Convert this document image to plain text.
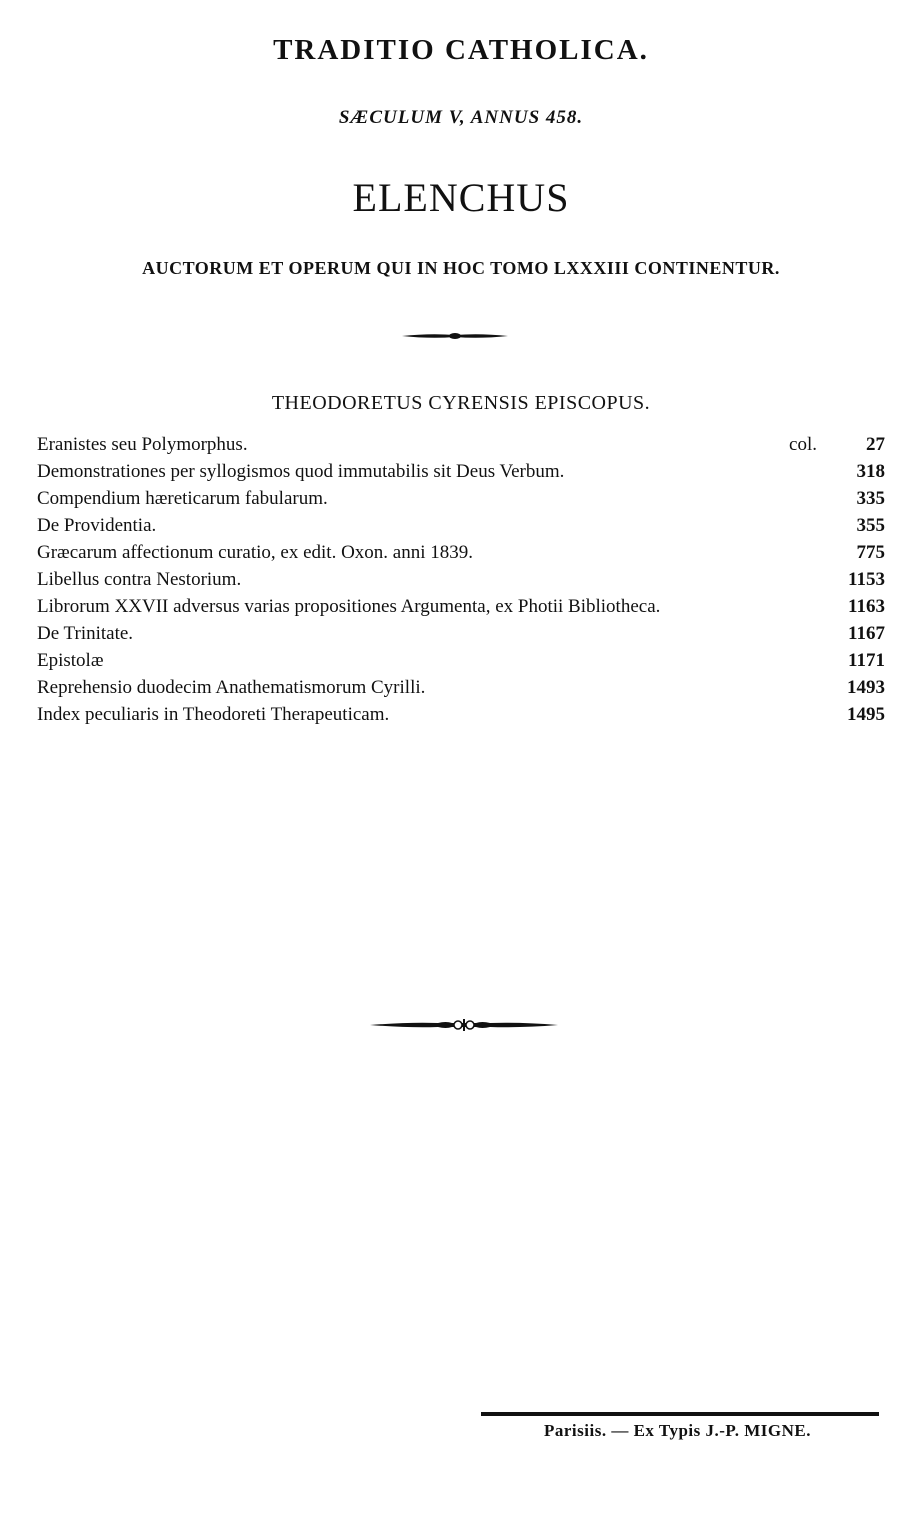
TRADITIO CATHOLICA.
SÆCULUM V, ANNUS 458.
ELENCHUS
AUCTORUM ET OPERUM QUI IN HOC TOMO LXXXIII CONTINENTUR.
THEODORETUS CYRENSIS EPISCOPUS.
Eranistes seu Polymorphus.	col.	27
Demonstrationes per syllogismos quod immutabilis sit Deus Verbum.	318
Compendium hæreticarum fabularum.	335
De Providentia.	355
Græcarum affectionum curatio, ex edit. Oxon. anni 1839.	775
Libellus contra Nestorium.	1153
Librorum XXVII adversus varias propositiones Argumenta, ex Photii Bibliotheca.	1163
De Trinitate.	1167
Epistolæ	1171
Reprehensio duodecim Anathematismorum Cyrilli.	1493
Index peculiaris in Theodoreti Therapeuticam.	1495
Parisiis. — Ex Typis J.-P. MIGNE.
